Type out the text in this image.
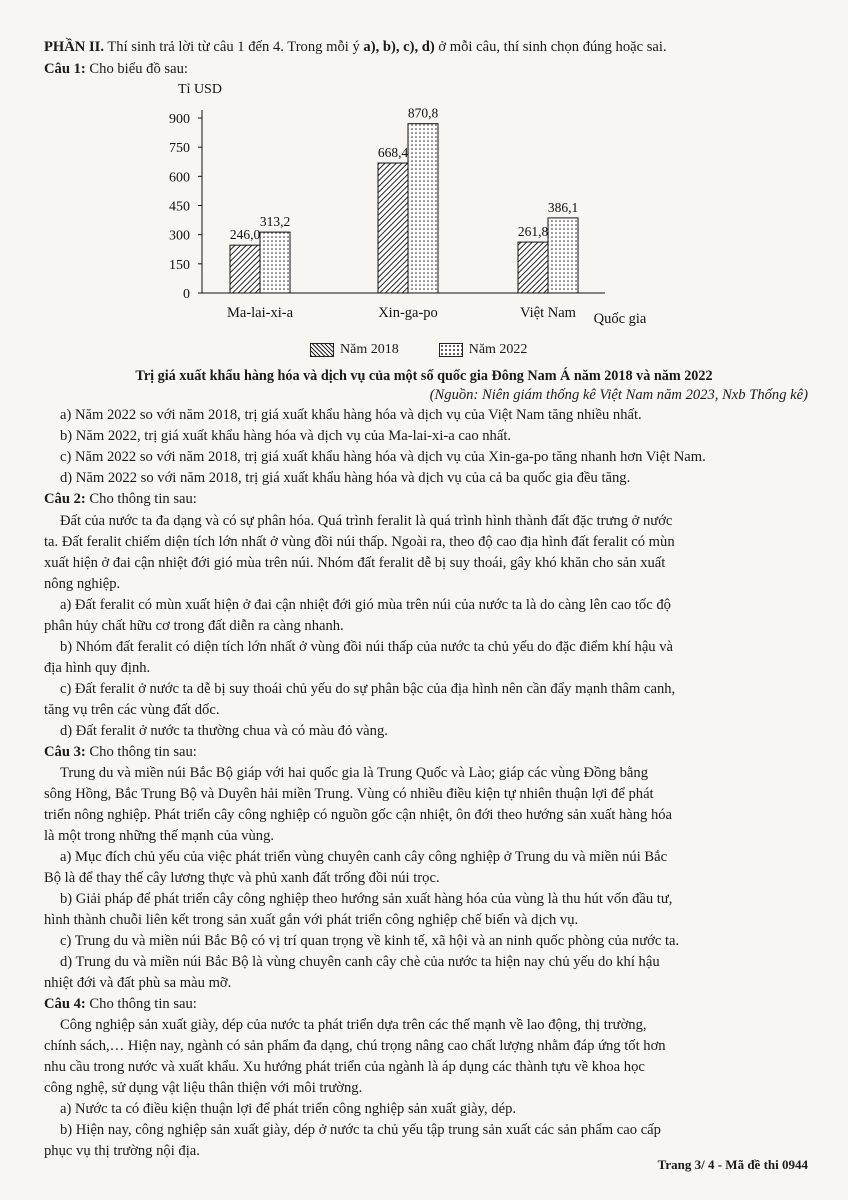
PHẦN II. Thí sinh trả lời từ câu 1 đến 4. Trong mỗi ý a), b), c), d) ở mỗi câu, thí sinh chọn đúng hoặc sai.
Câu 1: Cho biểu đồ sau:
Tỉ USD
0
150
300
450
600
750
900
246,0
313,2
Ma-lai-xi-a
668,4
870,8
Xin-ga-po
261,8
386,1
Việt Nam Quốc gia
Năm 2018	Năm 2022
Trị giá xuất khẩu hàng hóa và dịch vụ của một số quốc gia Đông Nam Á năm 2018 và năm 2022
(Nguồn: Niên giám thống kê Việt Nam năm 2023, Nxb Thống kê)
a) Năm 2022 so với năm 2018, trị giá xuất khẩu hàng hóa và dịch vụ của Việt Nam tăng nhiều nhất.
b) Năm 2022, trị giá xuất khẩu hàng hóa và dịch vụ của Ma-lai-xi-a cao nhất.
c) Năm 2022 so với năm 2018, trị giá xuất khẩu hàng hóa và dịch vụ của Xin-ga-po tăng nhanh hơn Việt Nam.
d) Năm 2022 so với năm 2018, trị giá xuất khẩu hàng hóa và dịch vụ của cả ba quốc gia đều tăng.
Câu 2: Cho thông tin sau:
Đất của nước ta đa dạng và có sự phân hóa. Quá trình feralit là quá trình hình thành đất đặc trưng ở nước
ta. Đất feralit chiếm diện tích lớn nhất ở vùng đồi núi thấp. Ngoài ra, theo độ cao địa hình đất feralit có mùn
xuất hiện ở đai cận nhiệt đới gió mùa trên núi. Nhóm đất feralit dễ bị suy thoái, gây khó khăn cho sản xuất
nông nghiệp.
a) Đất feralit có mùn xuất hiện ở đai cận nhiệt đới gió mùa trên núi của nước ta là do càng lên cao tốc độ
phân hủy chất hữu cơ trong đất diễn ra càng nhanh.
b) Nhóm đất feralit có diện tích lớn nhất ở vùng đồi núi thấp của nước ta chủ yếu do đặc điểm khí hậu và
địa hình quy định.
c) Đất feralit ở nước ta dễ bị suy thoái chủ yếu do sự phân bậc của địa hình nên cần đẩy mạnh thâm canh,
tăng vụ trên các vùng đất dốc.
d) Đất feralit ở nước ta thường chua và có màu đỏ vàng.
Câu 3: Cho thông tin sau:
Trung du và miền núi Bắc Bộ giáp với hai quốc gia là Trung Quốc và Lào; giáp các vùng Đồng bằng
sông Hồng, Bắc Trung Bộ và Duyên hải miền Trung. Vùng có nhiều điều kiện tự nhiên thuận lợi để phát
triển nông nghiệp. Phát triển cây công nghiệp có nguồn gốc cận nhiệt, ôn đới theo hướng sản xuất hàng hóa
là một trong những thế mạnh của vùng.
a) Mục đích chủ yếu của việc phát triển vùng chuyên canh cây công nghiệp ở Trung du và miền núi Bắc
Bộ là để thay thế cây lương thực và phủ xanh đất trống đồi núi trọc.
b) Giải pháp để phát triển cây công nghiệp theo hướng sản xuất hàng hóa của vùng là thu hút vốn đầu tư,
hình thành chuỗi liên kết trong sản xuất gắn với phát triển công nghiệp chế biến và dịch vụ.
c) Trung du và miền núi Bắc Bộ có vị trí quan trọng về kinh tế, xã hội và an ninh quốc phòng của nước ta.
d) Trung du và miền núi Bắc Bộ là vùng chuyên canh cây chè của nước ta hiện nay chủ yếu do khí hậu
nhiệt đới và đất phù sa màu mỡ.
Câu 4: Cho thông tin sau:
Công nghiệp sản xuất giày, dép của nước ta phát triển dựa trên các thế mạnh về lao động, thị trường,
chính sách,… Hiện nay, ngành có sản phẩm đa dạng, chú trọng nâng cao chất lượng nhằm đáp ứng tốt hơn
nhu cầu trong nước và xuất khẩu. Xu hướng phát triển của ngành là áp dụng các thành tựu về khoa học
công nghệ, sử dụng vật liệu thân thiện với môi trường.
a) Nước ta có điều kiện thuận lợi để phát triển công nghiệp sản xuất giày, dép.
b) Hiện nay, công nghiệp sản xuất giày, dép ở nước ta chủ yếu tập trung sản xuất các sản phẩm cao cấp
phục vụ thị trường nội địa.
Trang 3/ 4 - Mã đề thi 0944
